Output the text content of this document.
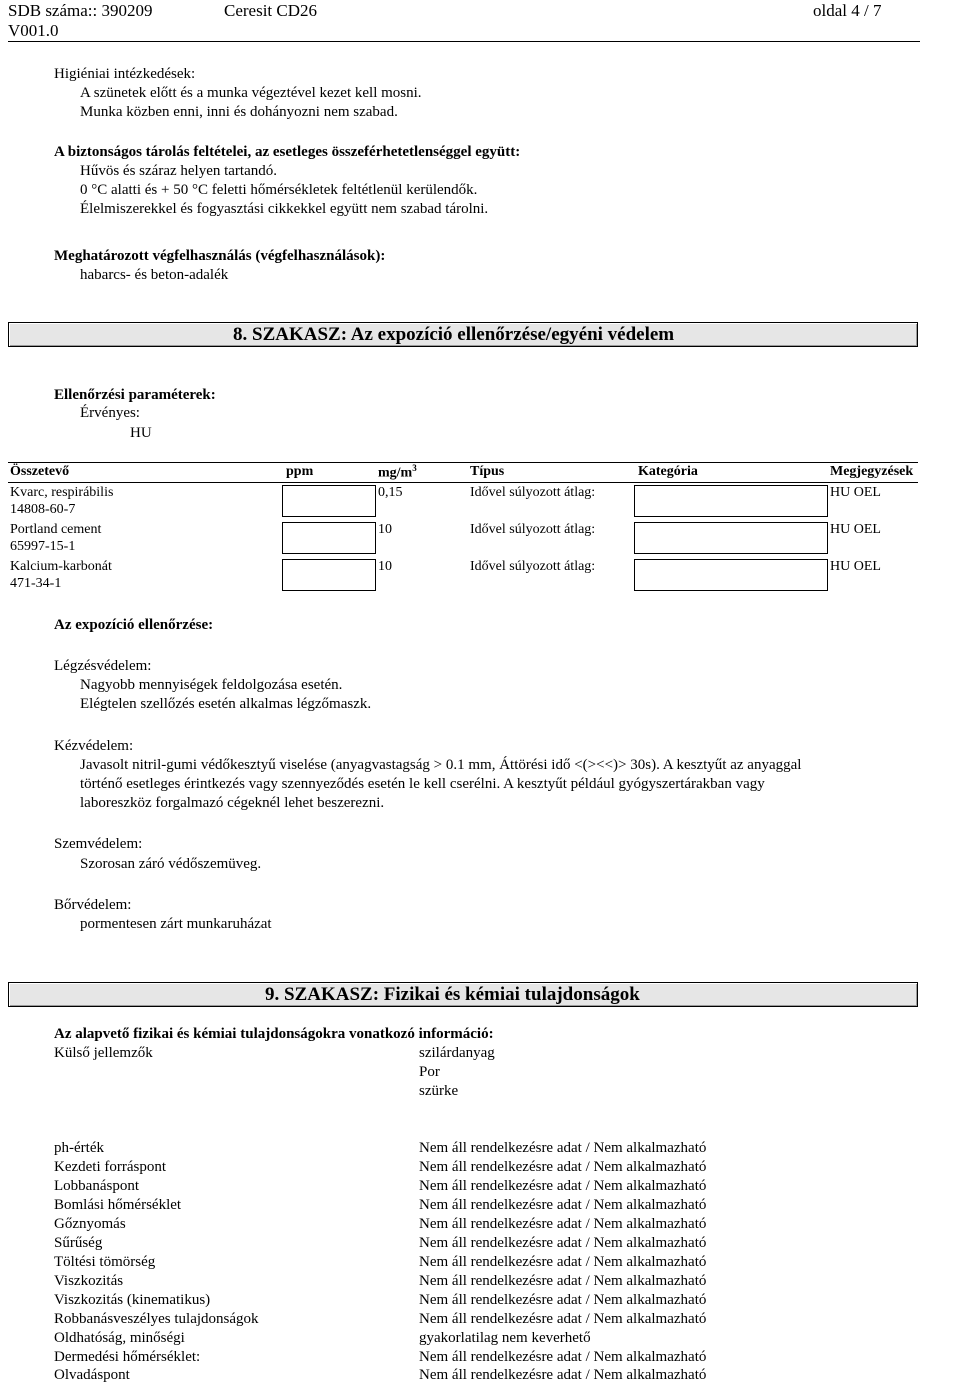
SDB száma:: 390209	Ceresit CD26	oldal 4 / 7
V001.0
Higiéniai intézkedések:
A szünetek előtt és a munka végeztével kezet kell mosni.
Munka közben enni, inni és dohányozni nem szabad.
A biztonságos tárolás feltételei, az esetleges összeférhetetlenséggel együtt:
Hűvös és száraz helyen tartandó.
0 °C alatti és + 50 °C feletti hőmérsékletek feltétlenül kerülendők.
Élelmiszerekkel és fogyasztási cikkekkel együtt nem szabad tárolni.
Meghatározott végfelhasználás (végfelhasználások):
habarcs- és beton-adalék
8. SZAKASZ: Az expozíció ellenőrzése/egyéni védelem
Ellenőrzési paraméterek:
Érvényes:
HU
Összetevő	ppm	$mg/m^3$	Típus	Kategória	Megjegyzések

Kvarc, respirábilis
14808-60-7		0,15	Idővel súlyozott átlag:		HU OEL

Portland cement
65997-15-1		10	Idővel súlyozott átlag:		HU OEL

Kalcium-karbonát
471-34-1		10	Idővel súlyozott átlag:		HU OEL
Az expozíció ellenőrzése:
Légzésvédelem:
Nagyobb mennyiségek feldolgozása esetén.
Elégtelen szellőzés esetén alkalmas légzőmaszk.
Kézvédelem:
Javasolt nitril-gumi védőkesztyű viselése (anyagvastagság > 0.1 mm, Áttörési idő <(><<)> 30s). A kesztyűt az anyaggal
történő esetleges érintkezés vagy szennyeződés esetén le kell cserélni. A kesztyűt például gyógyszertárakban vagy
laboreszköz forgalmazó cégeknél lehet beszerezni.
Szemvédelem:
Szorosan záró védőszemüveg.
Bőrvédelem:
pormentesen zárt munkaruházat
9. SZAKASZ: Fizikai és kémiai tulajdonságok
Az alapvető fizikai és kémiai tulajdonságokra vonatkozó információ:
Külső jellemzők	szilárdanyag
Por
szürke
ph-érték	Nem áll rendelkezésre adat / Nem alkalmazható
Kezdeti forráspont	Nem áll rendelkezésre adat / Nem alkalmazható
Lobbanáspont	Nem áll rendelkezésre adat / Nem alkalmazható
Bomlási hőmérséklet	Nem áll rendelkezésre adat / Nem alkalmazható
Gőznyomás	Nem áll rendelkezésre adat / Nem alkalmazható
Sűrűség	Nem áll rendelkezésre adat / Nem alkalmazható
Töltési tömörség	Nem áll rendelkezésre adat / Nem alkalmazható
Viszkozitás	Nem áll rendelkezésre adat / Nem alkalmazható
Viszkozitás (kinematikus)	Nem áll rendelkezésre adat / Nem alkalmazható
Robbanásveszélyes tulajdonságok	Nem áll rendelkezésre adat / Nem alkalmazható
Oldhatóság, minőségi	gyakorlatilag nem keverhető
Dermedési hőmérséklet:	Nem áll rendelkezésre adat / Nem alkalmazható
Olvadáspont	Nem áll rendelkezésre adat / Nem alkalmazható
